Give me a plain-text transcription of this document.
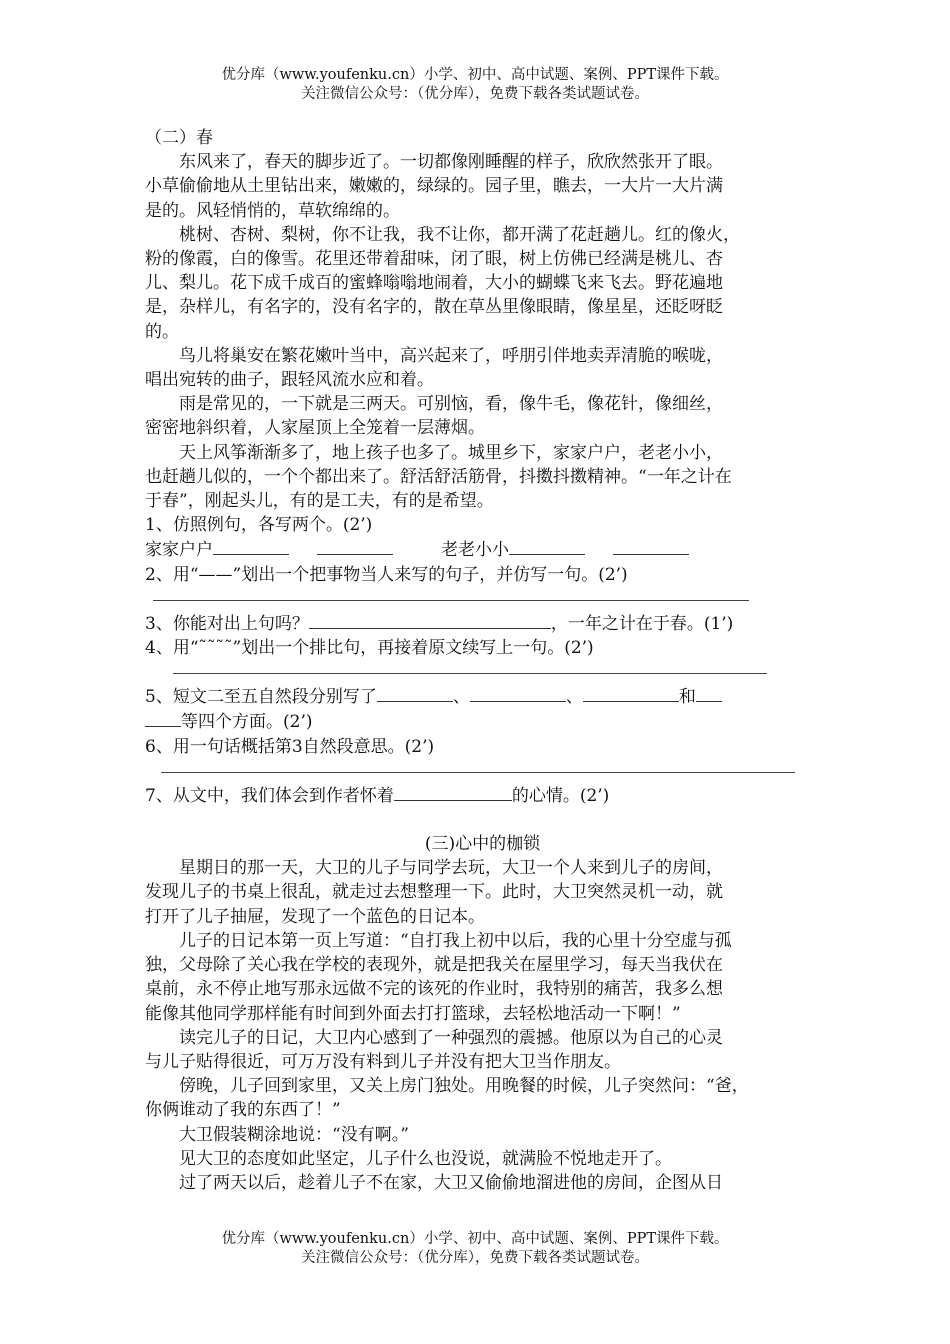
优分库（www.youfenku.cn）小学、初中、高中试题、案例、PPT课件下载。
关注微信公众号：（优分库），免费下载各类试题试卷。

（二）春

东风来了，春天的脚步近了。一切都像刚睡醒的样子，欣欣然张开了眼。

小草偷偷地从土里钻出来，嫩嫩的，绿绿的。园子里，瞧去，一大片一大片满

是的。风轻悄悄的，草软绵绵的。

桃树、杏树、梨树，你不让我，我不让你，都开满了花赶趟儿。红的像火，

粉的像霞，白的像雪。花里还带着甜味，闭了眼，树上仿佛已经满是桃儿、杏

儿、梨儿。花下成千成百的蜜蜂嗡嗡地闹着，大小的蝴蝶飞来飞去。野花遍地

是，杂样儿，有名字的，没有名字的，散在草丛里像眼睛，像星星，还眨呀眨

的。

鸟儿将巢安在繁花嫩叶当中，高兴起来了，呼朋引伴地卖弄清脆的喉咙，

唱出宛转的曲子，跟轻风流水应和着。

雨是常见的，一下就是三两天。可别恼，看，像牛毛，像花针，像细丝，

密密地斜织着，人家屋顶上全笼着一层薄烟。

天上风筝渐渐多了，地上孩子也多了。城里乡下，家家户户，老老小小，

也赶趟儿似的，一个个都出来了。舒活舒活筋骨，抖擞抖擞精神。“一年之计在

于春”，刚起头儿，有的是工夫，有的是希望。

1、仿照例句，各写两个。(2’)

家家户户	老老小小

2、用“——”划出一个把事物当人来写的句子，并仿写一句。(2’)

3、你能对出上句吗？	，一年之计在于春。(1’)

4、用“˜˜˜˜”划出一个排比句，再接着原文续写上一句。(2’)

5、短文二至五自然段分别写了	、	、	和

等四个方面。(2’)

6、用一句话概括第3自然段意思。(2’)

7、从文中，我们体会到作者怀着	的心情。(2’)

(三)心中的枷锁

星期日的那一天，大卫的儿子与同学去玩，大卫一个人来到儿子的房间，

发现儿子的书桌上很乱，就走过去想整理一下。此时，大卫突然灵机一动，就

打开了儿子抽屉，发现了一个蓝色的日记本。

儿子的日记本第一页上写道：“自打我上初中以后，我的心里十分空虚与孤

独，父母除了关心我在学校的表现外，就是把我关在屋里学习，每天当我伏在

桌前，永不停止地写那永远做不完的该死的作业时，我特别的痛苦，我多么想

能像其他同学那样能有时间到外面去打打篮球，去轻松地活动一下啊！”

读完儿子的日记，大卫内心感到了一种强烈的震撼。他原以为自己的心灵

与儿子贴得很近，可万万没有料到儿子并没有把大卫当作朋友。

傍晚，儿子回到家里，又关上房门独处。用晚餐的时候，儿子突然问：“爸，

你俩谁动了我的东西了！”

大卫假装糊涂地说：“没有啊。”

见大卫的态度如此坚定，儿子什么也没说，就满脸不悦地走开了。

过了两天以后，趁着儿子不在家，大卫又偷偷地溜进他的房间，企图从日

优分库（www.youfenku.cn）小学、初中、高中试题、案例、PPT课件下载。
关注微信公众号：（优分库），免费下载各类试题试卷。
